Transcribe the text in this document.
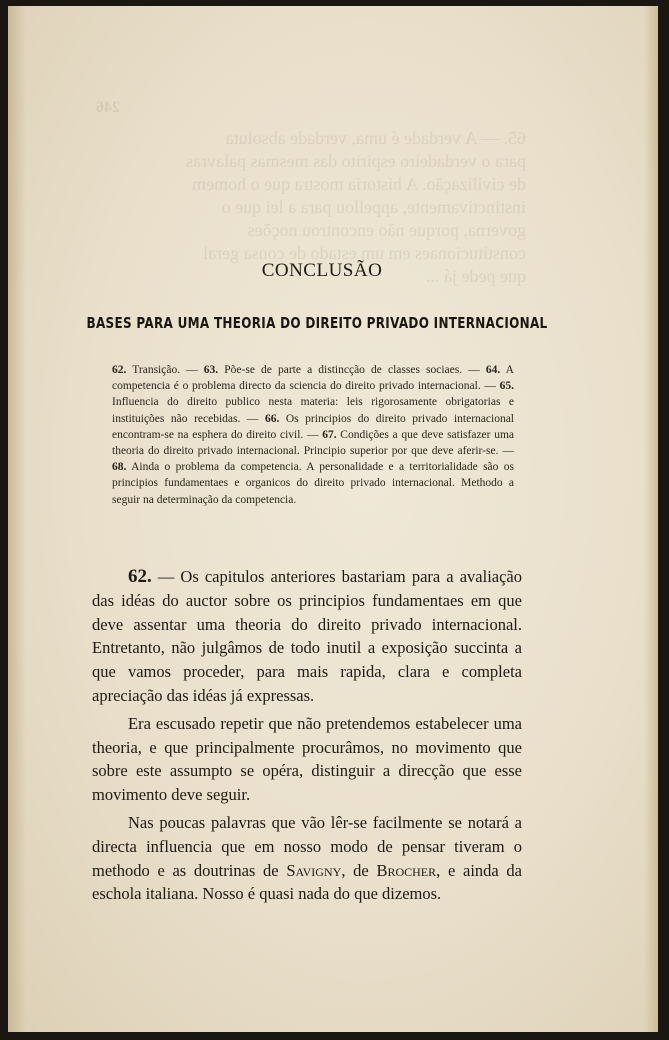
246
65. — A verdade é uma, verdade absoluta
para o verdadeiro espirito das mesmas palavras
de civilização. A historia mostra que o homem
instinctivamente, appellou para a lei que o
governa, porque não encontrou noções
constitucionaes em um estado de cousa geral
que pede já ...
CONCLUSÃO
BASES PARA UMA THEORIA DO DIREITO PRIVADO INTERNACIONAL
62. Transição. — 63. Põe-se de parte a distincção de classes sociaes. — 64. A competencia é o problema directo da sciencia do direito privado internacional. — 65. Influencia do direito publico nesta materia: leis rigorosamente obrigatorias e instituições não recebidas. — 66. Os principios do direito privado internacional encontram-se na esphera do direito civil. — 67. Condições a que deve satisfazer uma theoria do direito privado internacional. Principio superior por que deve aferir-se. — 68. Ainda o problema da competencia. A personalidade e a territorialidade são os principios fundamentaes e organicos do direito privado internacional. Methodo a seguir na determinação da competencia.

62. — Os capitulos anteriores bastariam para a avaliação das idéas do auctor sobre os principios fundamentaes em que deve assentar uma theoria do direito privado internacional. Entretanto, não julgâmos de todo inutil a exposição succinta a que vamos proceder, para mais rapida, clara e completa apreciação das idéas já expressas.

Era escusado repetir que não pretendemos estabelecer uma theoria, e que principalmente procurâmos, no movimento que sobre este assumpto se opéra, distinguir a direcção que esse movimento deve seguir.

Nas poucas palavras que vão lêr-se facilmente se notará a directa influencia que em nosso modo de pensar tiveram o methodo e as doutrinas de Savigny, de Brocher, e ainda da eschola italiana. Nosso é quasi nada do que dizemos.
